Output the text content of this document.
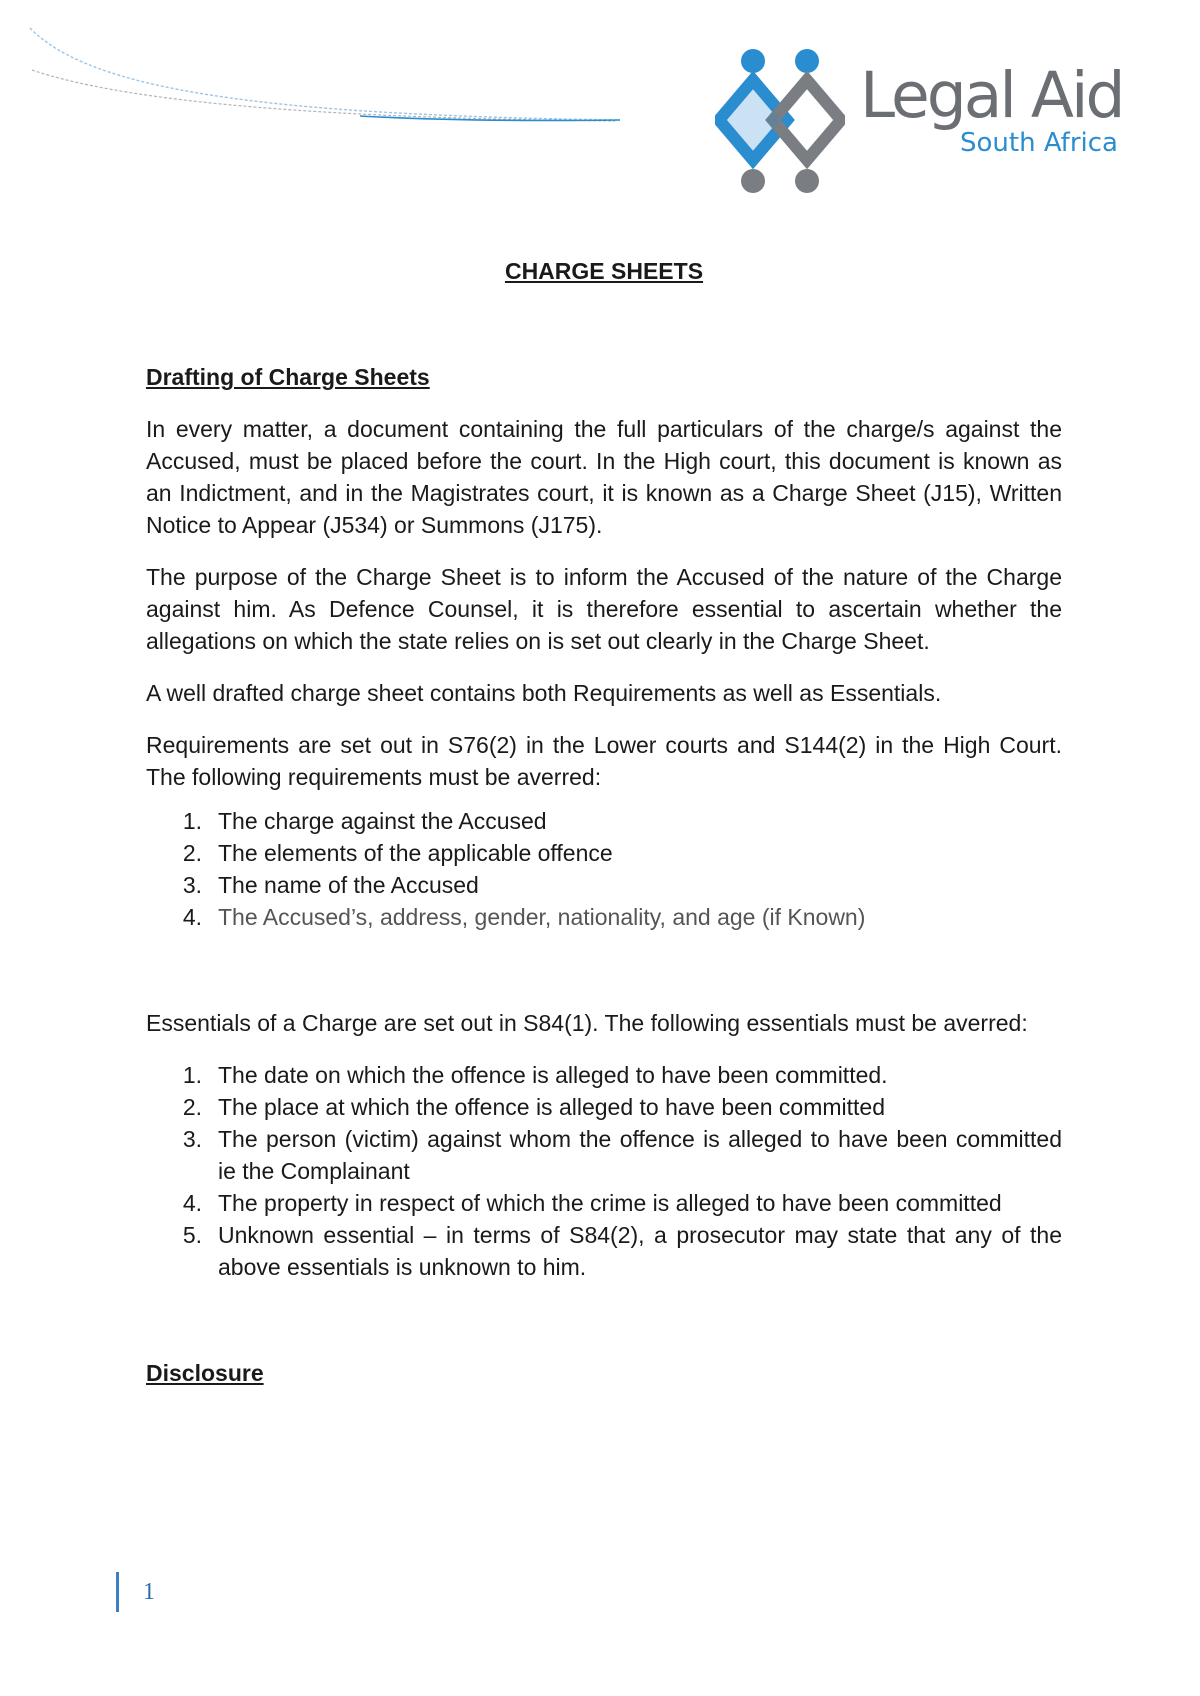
Legal Aid
South Africa
CHARGE SHEETS
Drafting of Charge Sheets

In every matter, a document containing the full particulars of the charge/s against the Accused, must be placed before the court. In the High court, this document is known as an Indictment, and in the Magistrates court, it is known as a Charge Sheet (J15), Written Notice to Appear (J534) or Summons (J175).

The purpose of the Charge Sheet is to inform the Accused of the nature of the Charge against him. As Defence Counsel, it is therefore essential to ascertain whether the allegations on which the state relies on is set out clearly in the Charge Sheet.

A well drafted charge sheet contains both Requirements as well as Essentials.

Requirements are set out in S76(2) in the Lower courts and S144(2) in the High Court. The following requirements must be averred:

1. The charge against the Accused
2. The elements of the applicable offence
3. The name of the Accused
4. The Accused’s, address, gender, nationality, and age (if Known)

Essentials of a Charge are set out in S84(1). The following essentials must be averred:

1. The date on which the offence is alleged to have been committed.
2. The place at which the offence is alleged to have been committed
3. The person (victim) against whom the offence is alleged to have been committed ie the Complainant
4. The property in respect of which the crime is alleged to have been committed
5. Unknown essential – in terms of S84(2), a prosecutor may state that any of the above essentials is unknown to him.
Disclosure
1
